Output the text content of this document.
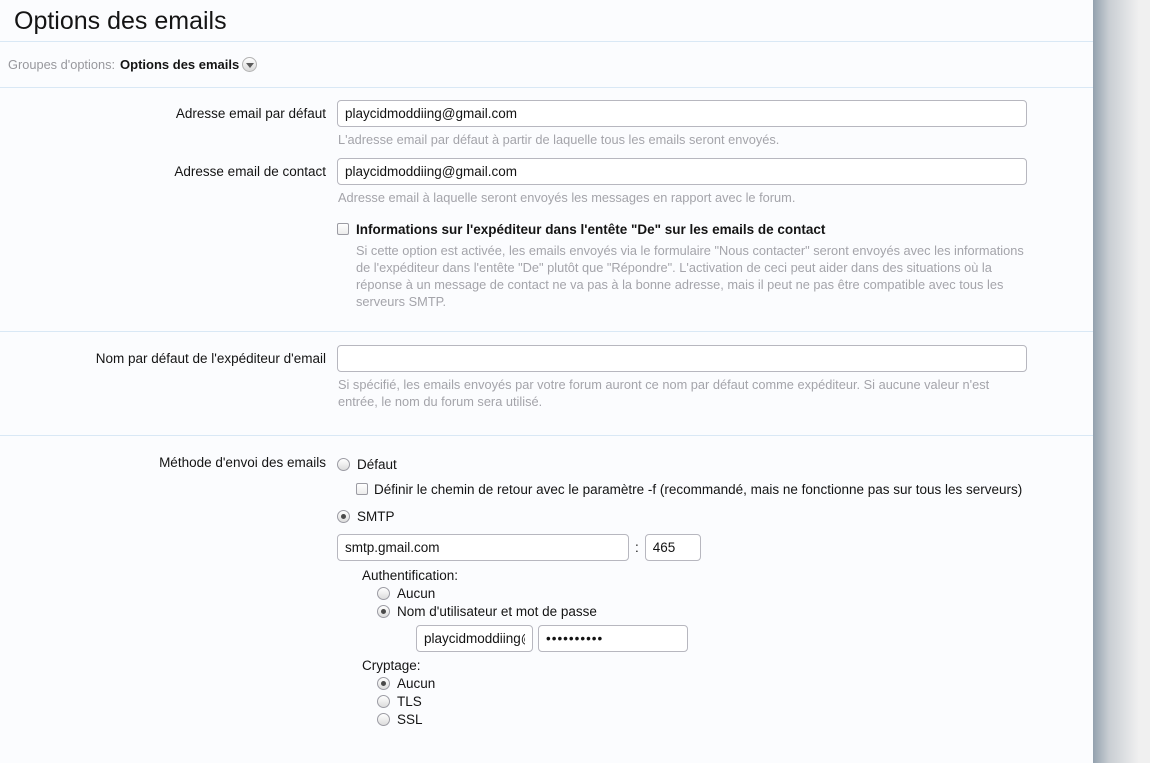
Options des emails
Groupes d'options: Options des emails
Adresse email par défaut
playcidmoddiing@gmail.com
L'adresse email par défaut à partir de laquelle tous les emails seront envoyés.
Adresse email de contact
playcidmoddiing@gmail.com
Adresse email à laquelle seront envoyés les messages en rapport avec le forum.
Informations sur l'expéditeur dans l'entête "De" sur les emails de contact
Si cette option est activée, les emails envoyés via le formulaire "Nous contacter" seront envoyés avec les informations de l'expéditeur dans l'entête "De" plutôt que "Répondre". L'activation de ceci peut aider dans des situations où la réponse à un message de contact ne va pas à la bonne adresse, mais il peut ne pas être compatible avec tous les serveurs SMTP.
Nom par défaut de l'expéditeur d'email
Si spécifié, les emails envoyés par votre forum auront ce nom par défaut comme expéditeur. Si aucune valeur n'est entrée, le nom du forum sera utilisé.
Méthode d'envoi des emails	Défaut
Définir le chemin de retour avec le paramètre -f (recommandé, mais ne fonctionne pas sur tous les serveurs)
SMTP
smtp.gmail.com
:
465
Authentification:
Aucun
Nom d'utilisateur et mot de passe
playcidmoddiing@
••••••••••
Cryptage:
Aucun
TLS
SSL
